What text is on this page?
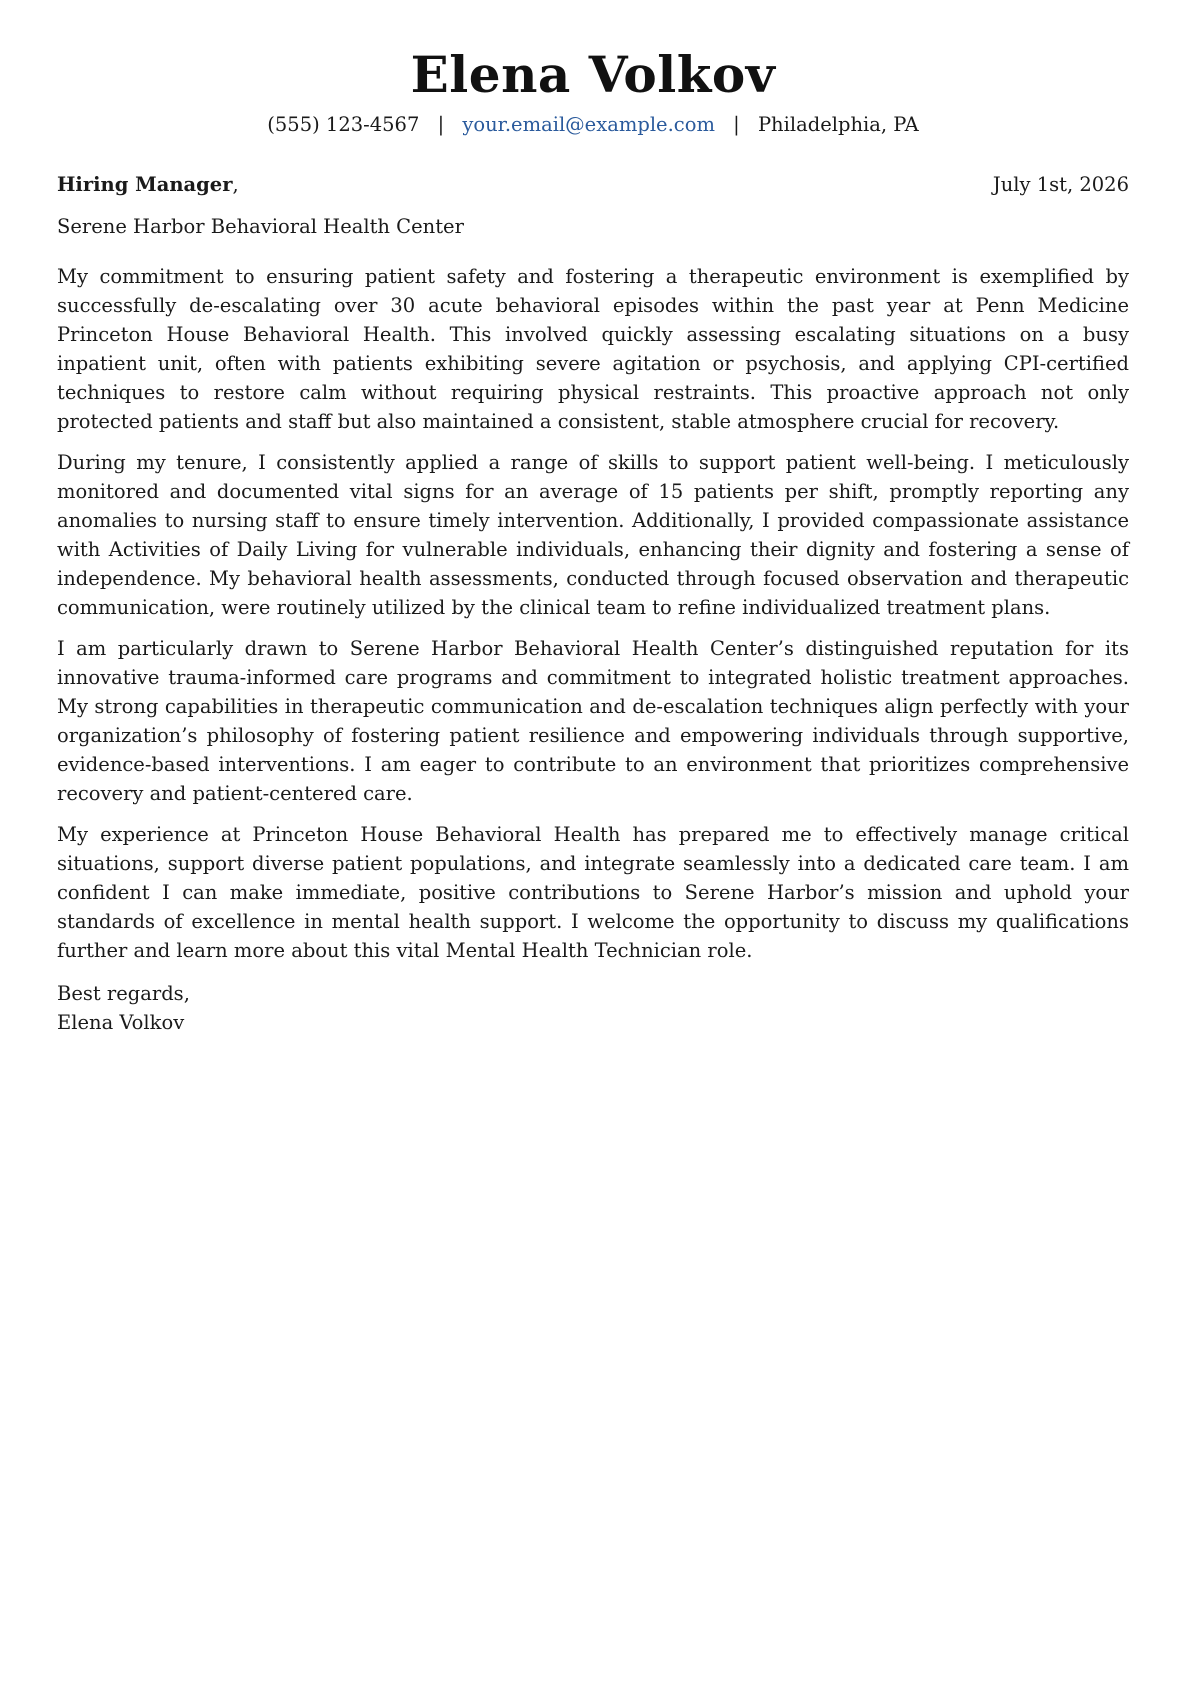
Elena Volkov
(555) 123-4567 | your.email@example.com | Philadelphia, PA
Hiring Manager,	July 1st, 2026
Serene Harbor Behavioral Health Center

My commitment to ensuring patient safety and fostering a therapeutic environment is exemplified by successfully de-escalating over 30 acute behavioral episodes within the past year at Penn Medicine Princeton House Behavioral Health. This involved quickly assessing escalating situations on a busy inpatient unit, often with patients exhibiting severe agitation or psychosis, and applying CPI-certified techniques to restore calm without requiring physical restraints. This proactive approach not only protected patients and staff but also maintained a consistent, stable atmosphere crucial for recovery.

During my tenure, I consistently applied a range of skills to support patient well-being. I meticulously monitored and documented vital signs for an average of 15 patients per shift, promptly reporting any anomalies to nursing staff to ensure timely intervention. Additionally, I provided compassionate assistance with Activities of Daily Living for vulnerable individuals, enhancing their dignity and fostering a sense of independence. My behavioral health assessments, conducted through focused observation and therapeutic communication, were routinely utilized by the clinical team to refine individualized treatment plans.

I am particularly drawn to Serene Harbor Behavioral Health Center’s distinguished reputation for its innovative trauma-informed care programs and commitment to integrated holistic treatment approaches. My strong capabilities in therapeutic communication and de-escalation techniques align perfectly with your organization’s philosophy of fostering patient resilience and empowering individuals through supportive, evidence-based interventions. I am eager to contribute to an environment that prioritizes comprehensive recovery and patient-centered care.

My experience at Princeton House Behavioral Health has prepared me to effectively manage critical situations, support diverse patient populations, and integrate seamlessly into a dedicated care team. I am confident I can make immediate, positive contributions to Serene Harbor’s mission and uphold your standards of excellence in mental health support. I welcome the opportunity to discuss my qualifications further and learn more about this vital Mental Health Technician role.

Best regards,
Elena Volkov
